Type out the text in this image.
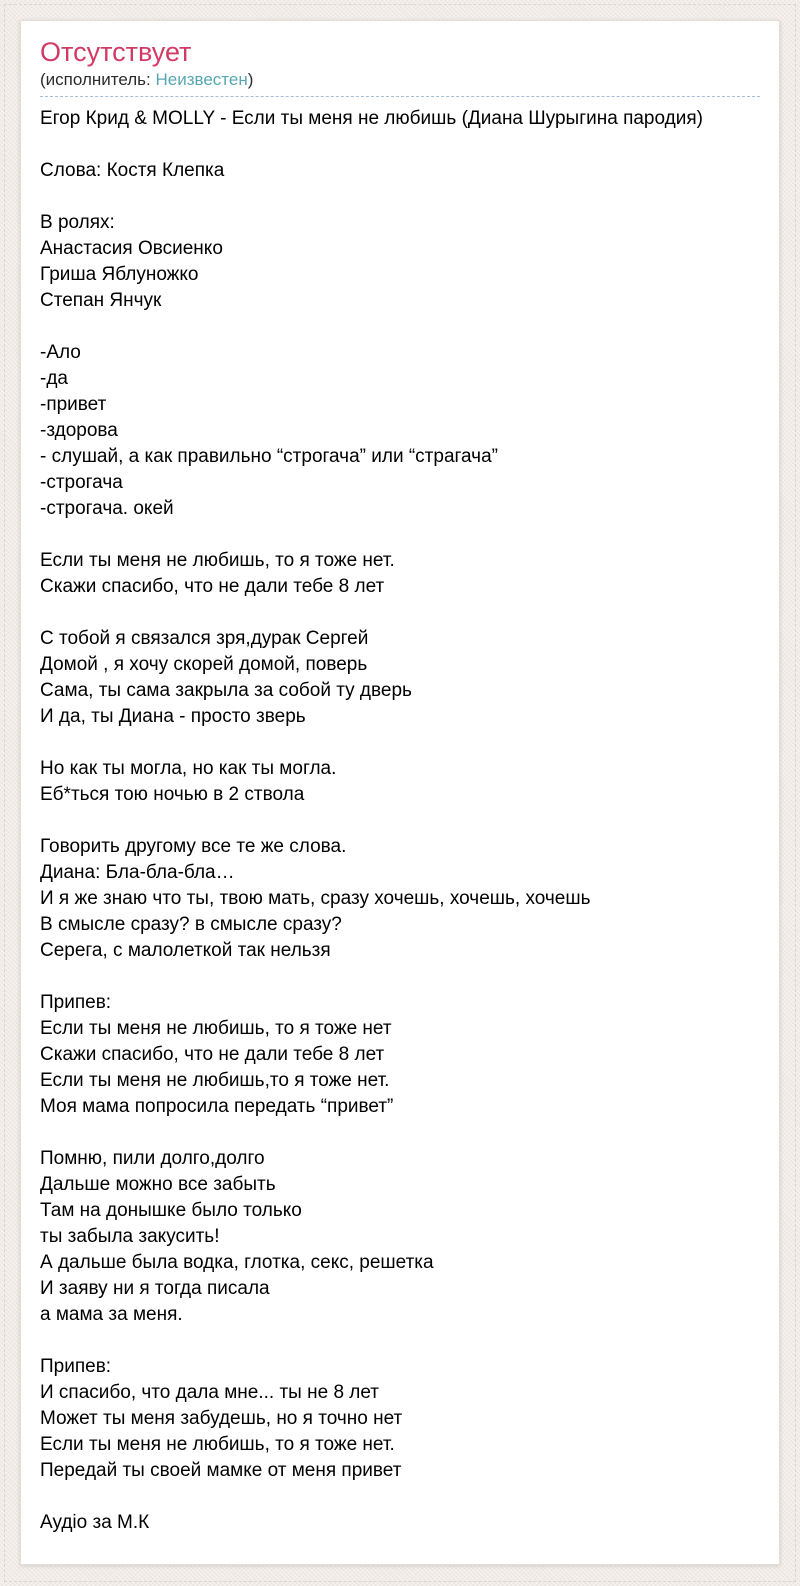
Отсутствует
(исполнитель: Неизвестен)
Егор Крид & MOLLY - Если ты меня не любишь (Диана Шурыгина пародия)
Слова: Костя Клепка
В ролях:
Анастасия Овсиенко
Гриша Яблуножко
Степан Янчук
-Ало
-да
-привет
-здорова
- слушай, а как правильно “строгача” или “страгача”
-строгача
-строгача. окей
Если ты меня не любишь, то я тоже нет.
Скажи спасибо, что не дали тебе 8 лет
С тобой я связался зря,дурак Сергей
Домой , я хочу скорей домой, поверь
Сама, ты сама закрыла за собой ту дверь
И да, ты Диана - просто зверь
Но как ты могла, но как ты могла.
Еб*ться тою ночью в 2 ствола
Говорить другому все те же слова.
Диана: Бла-бла-бла…
И я же знаю что ты, твою мать, сразу хочешь, хочешь, хочешь
В смысле сразу? в смысле сразу?
Серега, с малолеткой так нельзя
Припев:
Если ты меня не любишь, то я тоже нет
Скажи спасибо, что не дали тебе 8 лет
Если ты меня не любишь,то я тоже нет.
Моя мама попросила передать “привет”
Помню, пили долго,долго
Дальше можно все забыть
Там на донышке было только
ты забыла закусить!
А дальше была водка, глотка, секс, решетка
И заяву ни я тогда писала
а мама за меня.
Припев:
И спасибо, что дала мне... ты не 8 лет
Может ты меня забудешь, но я точно нет
Если ты меня не любишь, то я тоже нет.
Передай ты своей мамке от меня привет
Аудіо за М.К
